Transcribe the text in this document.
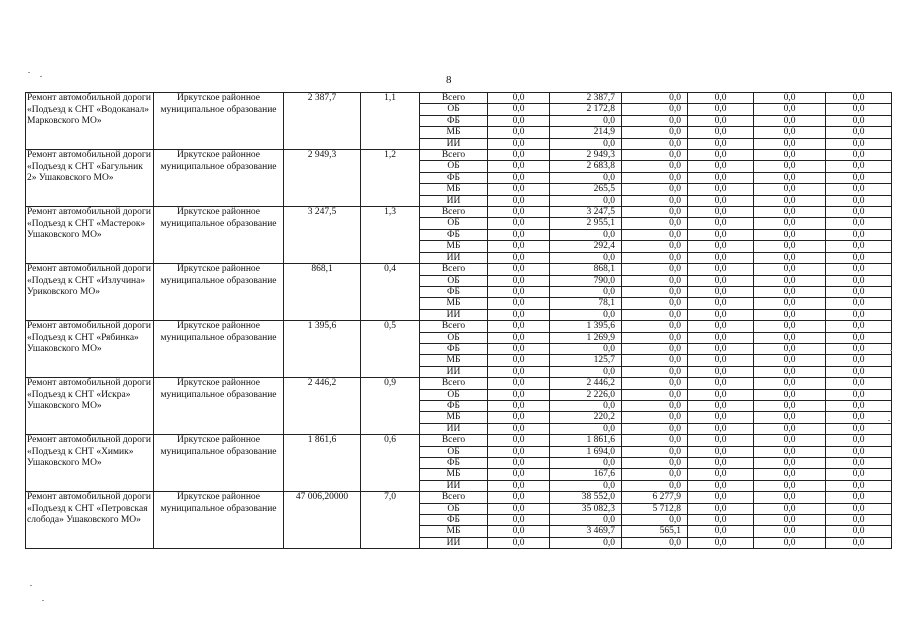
8
Ремонт автомобильной дороги «Подъезд к СНТ «Водоканал» Марковского МО»	Иркутское районное муниципальное образование	2 387,7	1,1	Всего	0,0	2 387,7	0,0	0,0	0,0	0,0
				ОБ	0,0	2 172,8	0,0	0,0	0,0	0,0
				ФБ	0,0	0,0	0,0	0,0	0,0	0,0
				МБ	0,0	214,9	0,0	0,0	0,0	0,0
				ИИ	0,0	0,0	0,0	0,0	0,0	0,0
Ремонт автомобильной дороги «Подъезд к СНТ «Багульник 2» Ушаковского МО»	Иркутское районное муниципальное образование	2 949,3	1,2	Всего	0,0	2 949,3	0,0	0,0	0,0	0,0
				ОБ	0,0	2 683,8	0,0	0,0	0,0	0,0
				ФБ	0,0	0,0	0,0	0,0	0,0	0,0
				МБ	0,0	265,5	0,0	0,0	0,0	0,0
				ИИ	0,0	0,0	0,0	0,0	0,0	0,0
Ремонт автомобильной дороги «Подъезд к СНТ «Мастерок» Ушаковского МО»	Иркутское районное муниципальное образование	3 247,5	1,3	Всего	0,0	3 247,5	0,0	0,0	0,0	0,0
				ОБ	0,0	2 955,1	0,0	0,0	0,0	0,0
				ФБ	0,0	0,0	0,0	0,0	0,0	0,0
				МБ	0,0	292,4	0,0	0,0	0,0	0,0
				ИИ	0,0	0,0	0,0	0,0	0,0	0,0
Ремонт автомобильной дороги «Подъезд к СНТ «Излучина» Уриковского МО»	Иркутское районное муниципальное образование	868,1	0,4	Всего	0,0	868,1	0,0	0,0	0,0	0,0
				ОБ	0,0	790,0	0,0	0,0	0,0	0,0
				ФБ	0,0	0,0	0,0	0,0	0,0	0,0
				МБ	0,0	78,1	0,0	0,0	0,0	0,0
				ИИ	0,0	0,0	0,0	0,0	0,0	0,0
Ремонт автомобильной дороги «Подъезд к СНТ «Рябинка» Ушаковского МО»	Иркутское районное муниципальное образование	1 395,6	0,5	Всего	0,0	1 395,6	0,0	0,0	0,0	0,0
				ОБ	0,0	1 269,9	0,0	0,0	0,0	0,0
				ФБ	0,0	0,0	0,0	0,0	0,0	0,0
				МБ	0,0	125,7	0,0	0,0	0,0	0,0
				ИИ	0,0	0,0	0,0	0,0	0,0	0,0
Ремонт автомобильной дороги «Подъезд к СНТ «Искра» Ушаковского МО»	Иркутское районное муниципальное образование	2 446,2	0,9	Всего	0,0	2 446,2	0,0	0,0	0,0	0,0
				ОБ	0,0	2 226,0	0,0	0,0	0,0	0,0
				ФБ	0,0	0,0	0,0	0,0	0,0	0,0
				МБ	0,0	220,2	0,0	0,0	0,0	0,0
				ИИ	0,0	0,0	0,0	0,0	0,0	0,0
Ремонт автомобильной дороги «Подъезд к СНТ «Химик» Ушаковского МО»	Иркутское районное муниципальное образование	1 861,6	0,6	Всего	0,0	1 861,6	0,0	0,0	0,0	0,0
				ОБ	0,0	1 694,0	0,0	0,0	0,0	0,0
				ФБ	0,0	0,0	0,0	0,0	0,0	0,0
				МБ	0,0	167,6	0,0	0,0	0,0	0,0
				ИИ	0,0	0,0	0,0	0,0	0,0	0,0
Ремонт автомобильной дороги «Подъезд к СНТ «Петровская слобода» Ушаковского МО»	Иркутское районное муниципальное образование	47 006,20000	7,0	Всего	0,0	38 552,0	6 277,9	0,0	0,0	0,0
				ОБ	0,0	35 082,3	5 712,8	0,0	0,0	0,0
				ФБ	0,0	0,0	0,0	0,0	0,0	0,0
				МБ	0,0	3 469,7	565,1	0,0	0,0	0,0
				ИИ	0,0	0,0	0,0	0,0	0,0	0,0
